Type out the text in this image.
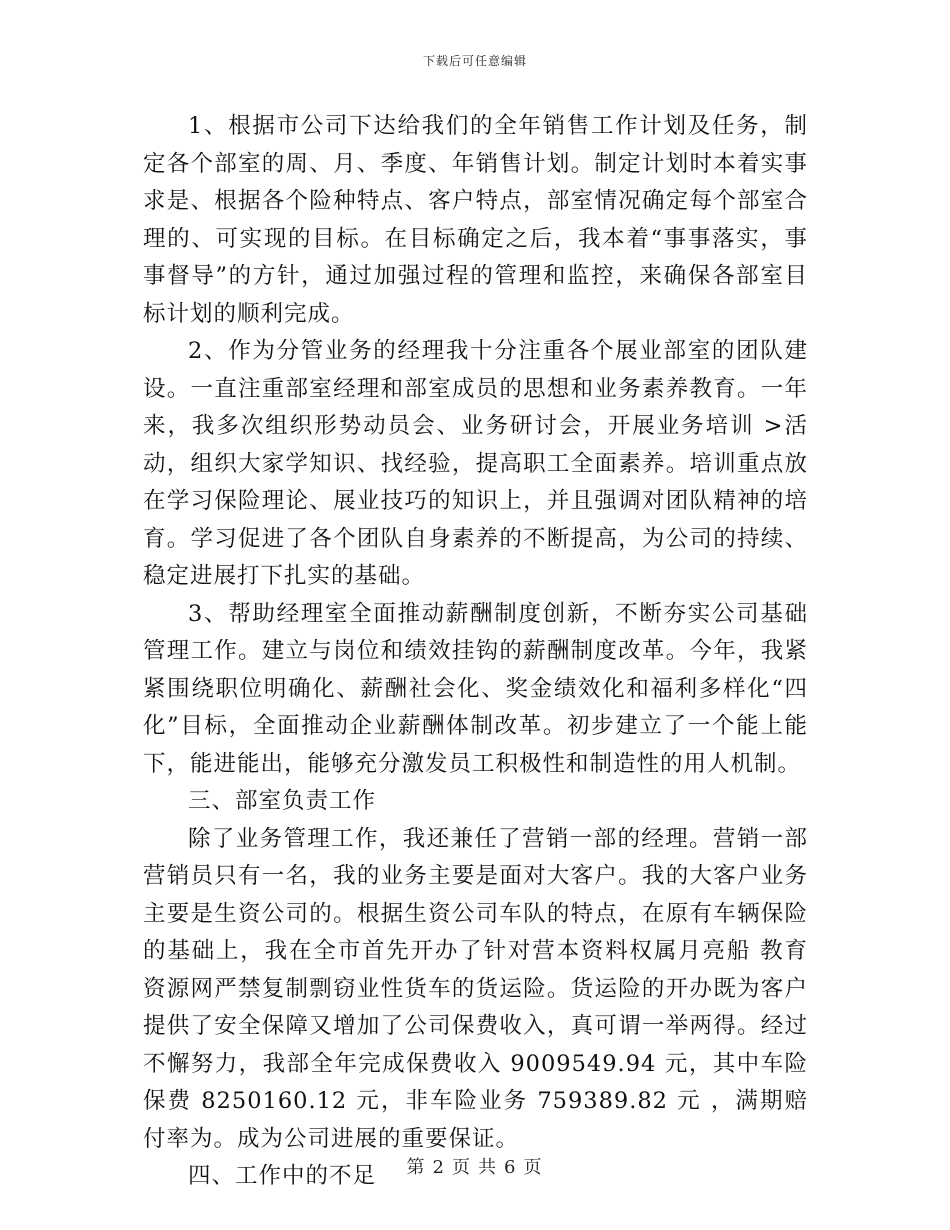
下载后可任意编辑

1、根据市公司下达给我们的全年销售工作计划及任务，制定各个部室的周、月、季度、年销售计划。制定计划时本着实事求是、根据各个险种特点、客户特点，部室情况确定每个部室合理的、可实现的目标。在目标确定之后，我本着“事事落实，事事督导”的方针，通过加强过程的管理和监控，来确保各部室目标计划的顺利完成。

2、作为分管业务的经理我十分注重各个展业部室的团队建设。一直注重部室经理和部室成员的思想和业务素养教育。一年来，我多次组织形势动员会、业务研讨会，开展业务培训 >活动，组织大家学知识、找经验，提高职工全面素养。培训重点放在学习保险理论、展业技巧的知识上，并且强调对团队精神的培育。学习促进了各个团队自身素养的不断提高，为公司的持续、稳定进展打下扎实的基础。

3、帮助经理室全面推动薪酬制度创新，不断夯实公司基础管理工作。建立与岗位和绩效挂钩的薪酬制度改革。今年，我紧紧围绕职位明确化、薪酬社会化、奖金绩效化和福利多样化“四化”目标，全面推动企业薪酬体制改革。初步建立了一个能上能下，能进能出，能够充分激发员工积极性和制造性的用人机制。

三、部室负责工作

除了业务管理工作，我还兼任了营销一部的经理。营销一部营销员只有一名，我的业务主要是面对大客户。我的大客户业务主要是生资公司的。根据生资公司车队的特点，在原有车辆保险的基础上，我在全市首先开办了针对营本资料权属月亮船 教育资源网严禁复制剽窃业性货车的货运险。货运险的开办既为客户提供了安全保障又增加了公司保费收入，真可谓一举两得。经过不懈努力，我部全年完成保费收入 9009549.94 元，其中车险保费 8250160.12 元，非车险业务 759389.82 元 ，满期赔付率为。成为公司进展的重要保证。

四、工作中的不足	第 2 页 共 6 页
